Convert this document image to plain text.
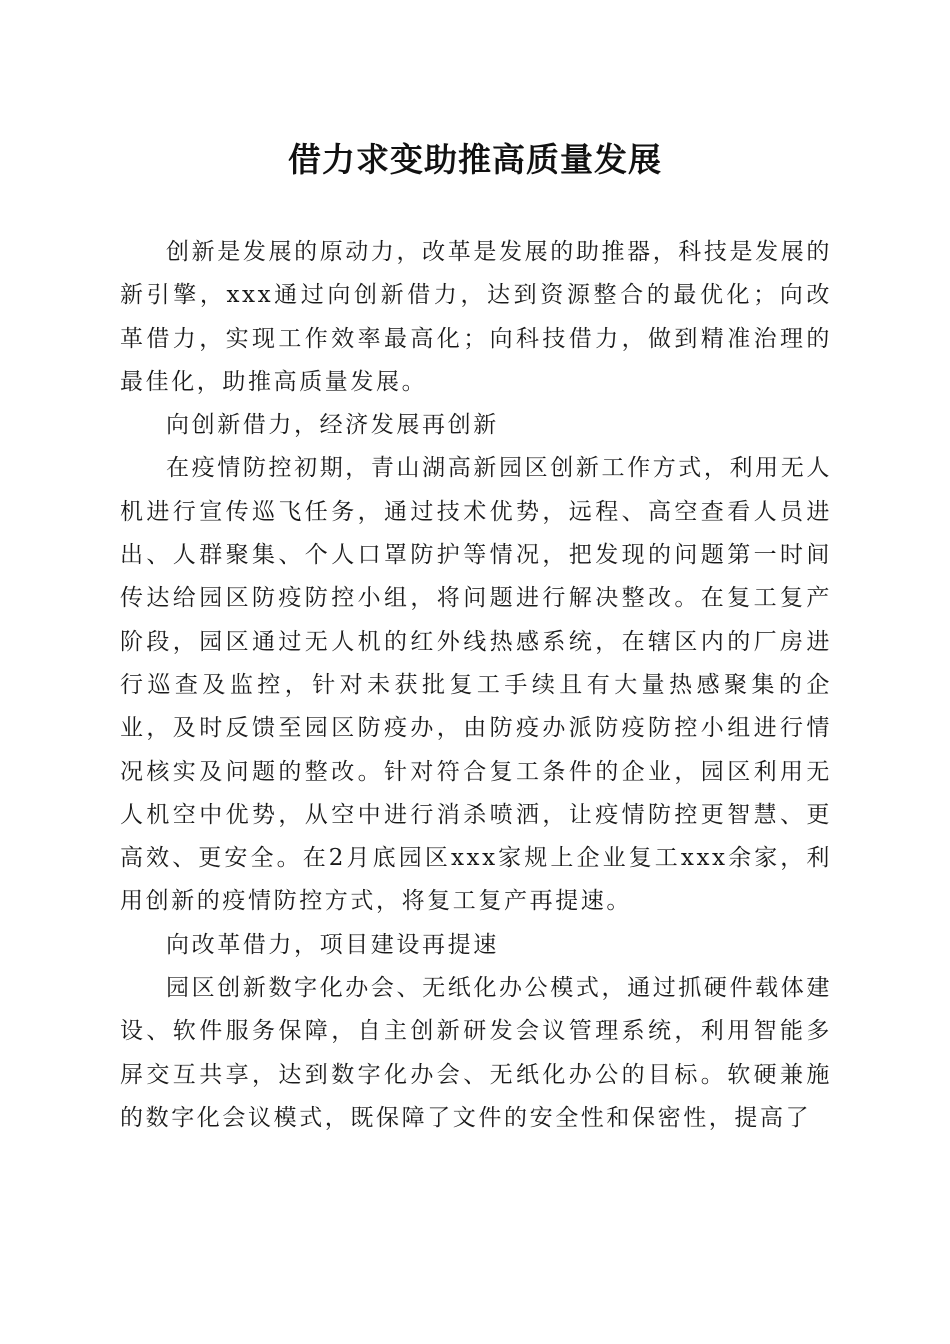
借力求变助推高质量发展

创新是发展的原动力，改革是发展的助推器，科技是发展的新引擎，xxx通过向创新借力，达到资源整合的最优化；向改革借力，实现工作效率最高化；向科技借力，做到精准治理的最佳化，助推高质量发展。

向创新借力，经济发展再创新

在疫情防控初期，青山湖高新园区创新工作方式，利用无人机进行宣传巡飞任务，通过技术优势，远程、高空查看人员进出、人群聚集、个人口罩防护等情况，把发现的问题第一时间传达给园区防疫防控小组，将问题进行解决整改。在复工复产阶段，园区通过无人机的红外线热感系统，在辖区内的厂房进行巡查及监控，针对未获批复工手续且有大量热感聚集的企业，及时反馈至园区防疫办，由防疫办派防疫防控小组进行情况核实及问题的整改。针对符合复工条件的企业，园区利用无人机空中优势，从空中进行消杀喷洒，让疫情防控更智慧、更高效、更安全。在2月底园区xxx家规上企业复工xxx余家，利用创新的疫情防控方式，将复工复产再提速。

向改革借力，项目建设再提速

园区创新数字化办会、无纸化办公模式，通过抓硬件载体建设、软件服务保障，自主创新研发会议管理系统，利用智能多屏交互共享，达到数字化办会、无纸化办公的目标。软硬兼施的数字化会议模式，既保障了文件的安全性和保密性，提高了
